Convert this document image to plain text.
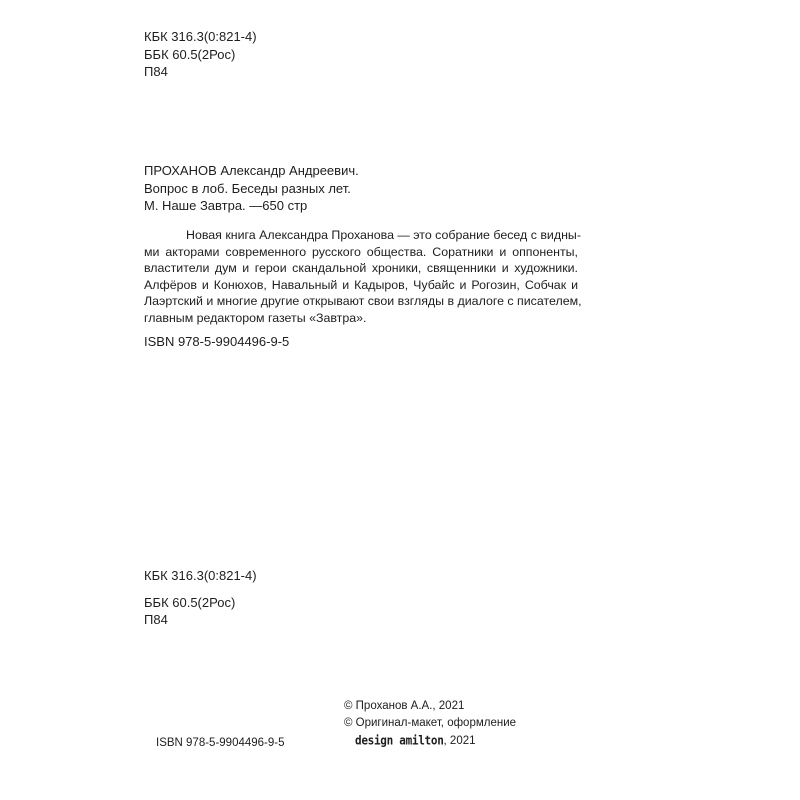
КБК 316.3(0:821-4)
ББК 60.5(2Рос)
П84
ПРОХАНОВ Александр Андреевич.
Вопрос в лоб. Беседы разных лет.
М. Наше Завтра. —650 стр
Новая книга Александра Проханова — это собрание бесед с видны-
ми акторами современного русского общества. Соратники и оппоненты,
властители дум и герои скандальной хроники, священники и художники.
Алфёров и Конюхов, Навальный и Кадыров, Чубайс и Рогозин, Собчак и
Лаэртский и многие другие открывают свои взгляды в диалоге с писателем,
главным редактором газеты «Завтра».
ISBN 978-5-9904496-9-5
КБК 316.3(0:821-4)
ББК 60.5(2Рос)
П84
© Проханов А.А., 2021
© Оригинал-макет, оформление
design amilton, 2021
ISBN 978-5-9904496-9-5
